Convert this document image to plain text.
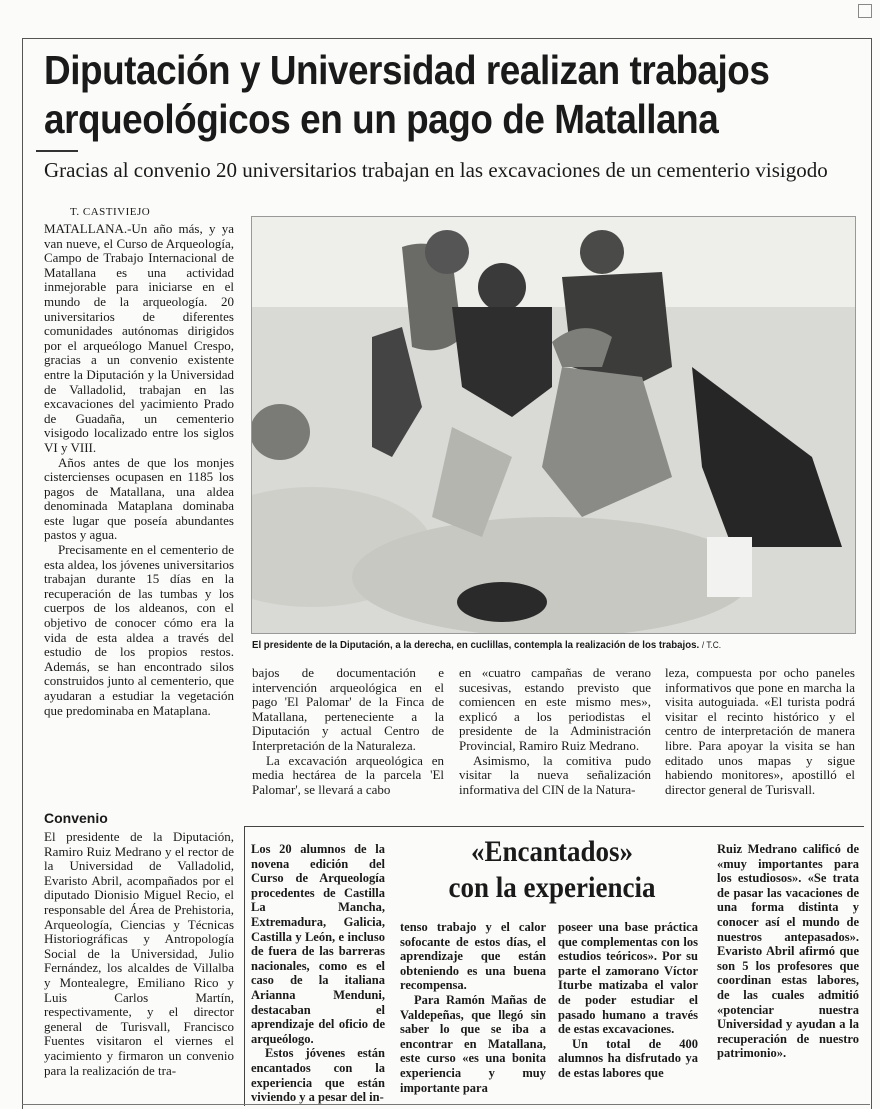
Diputación y Universidad realizan trabajos
arqueológicos en un pago de Matallana
Gracias al convenio 20 universitarios trabajan en las excavaciones de un cementerio visigodo
T. CASTIVIEJO

MATALLANA.-Un año más, y ya van nueve, el Curso de Arqueología, Campo de Trabajo Internacional de Matallana es una actividad inmejorable para iniciarse en el mundo de la arqueología. 20 universitarios de diferentes comunidades autónomas dirigidos por el arqueólogo Manuel Crespo, gracias a un convenio existente entre la Diputación y la Universidad de Valladolid, trabajan en las excavaciones del yacimiento Prado de Guadaña, un cementerio visigodo localizado entre los siglos VI y VIII.

Años antes de que los monjes cistercienses ocupasen en 1185 los pagos de Matallana, una aldea denominada Mataplana dominaba este lugar que poseía abundantes pastos y agua.

Precisamente en el cementerio de esta aldea, los jóvenes universitarios trabajan durante 15 días en la recuperación de las tumbas y los cuerpos de los aldeanos, con el objetivo de conocer cómo era la vida de esta aldea a través del estudio de los propios restos. Además, se han encontrado silos construidos junto al cementerio, que ayudaran a estudiar la vegetación que predominaba en Mataplana.

Convenio

El presidente de la Diputación, Ramiro Ruiz Medrano y el rector de la Universidad de Valladolid, Evaristo Abril, acompañados por el diputado Dionisio Miguel Recio, el responsable del Área de Prehistoria, Arqueología, Ciencias y Técnicas Historiográficas y Antropología Social de la Universidad, Julio Fernández, los alcaldes de Villalba y Montealegre, Emiliano Rico y Luis Carlos Martín, respectivamente, y el director general de Turisvall, Francisco Fuentes visitaron el viernes el yacimiento y firmaron un convenio para la realización de tra-

El presidente de la Diputación, a la derecha, en cuclillas, contempla la realización de los trabajos. / T.C.

bajos de documentación e intervención arqueológica en el pago 'El Palomar' de la Finca de Matallana, perteneciente a la Diputación y actual Centro de Interpretación de la Naturaleza.

La excavación arqueológica en media hectárea de la parcela 'El Palomar', se llevará a cabo

en «cuatro campañas de verano sucesivas, estando previsto que comiencen en este mismo mes», explicó a los periodistas el presidente de la Administración Provincial, Ramiro Ruiz Medrano.

Asimismo, la comitiva pudo visitar la nueva señalización informativa del CIN de la Natura-

leza, compuesta por ocho paneles informativos que pone en marcha la visita autoguiada. «El turista podrá visitar el recinto histórico y el centro de interpretación de manera libre. Para apoyar la visita se han editado unos mapas y sigue habiendo monitores», apostilló el director general de Turisvall.

«Encantados»
con la experiencia

Los 20 alumnos de la novena edición del Curso de Arqueología procedentes de Castilla La Mancha, Extremadura, Galicia, Castilla y León, e incluso de fuera de las barreras nacionales, como es el caso de la italiana Arianna Menduni, destacaban el aprendizaje del oficio de arqueólogo.

Estos jóvenes están encantados con la experiencia que están viviendo y a pesar del in-

tenso trabajo y el calor sofocante de estos días, el aprendizaje que están obteniendo es una buena recompensa.

Para Ramón Mañas de Valdepeñas, que llegó sin saber lo que se iba a encontrar en Matallana, este curso «es una bonita experiencia y muy importante para

poseer una base práctica que complementas con los estudios teóricos». Por su parte el zamorano Víctor Iturbe matizaba el valor de poder estudiar el pasado humano a través de estas excavaciones.

Un total de 400 alumnos ha disfrutado ya de estas labores que

Ruiz Medrano calificó de «muy importantes para los estudiosos». «Se trata de pasar las vacaciones de una forma distinta y conocer así el mundo de nuestros antepasados». Evaristo Abril afirmó que son 5 los profesores que coordinan estas labores, de las cuales admitió «potenciar nuestra Universidad y ayudan a la recuperación de nuestro patrimonio».
